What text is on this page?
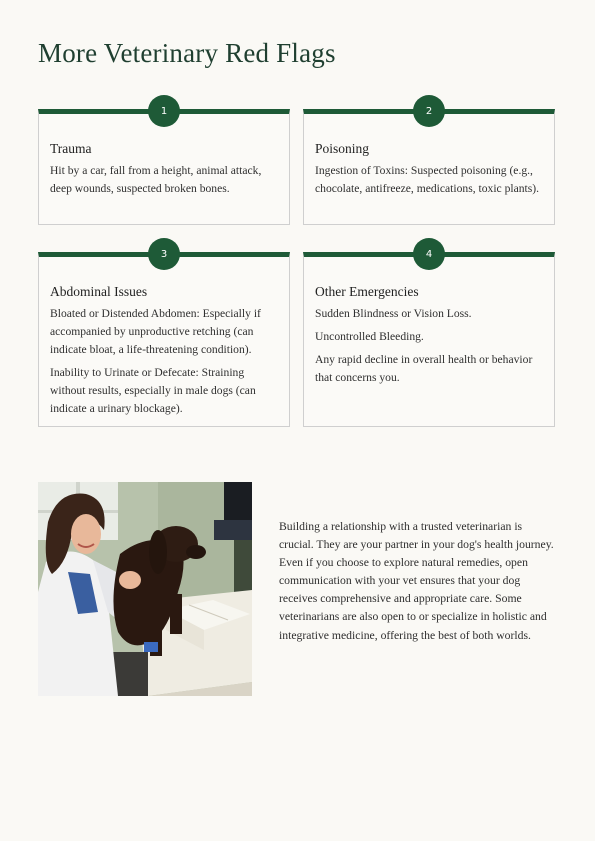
More Veterinary Red Flags
1
Trauma

Hit by a car, fall from a height, animal attack, deep wounds, suspected broken bones.

2
Poisoning

Ingestion of Toxins: Suspected poisoning (e.g., chocolate, antifreeze, medications, toxic plants).

3
Abdominal Issues

Bloated or Distended Abdomen: Especially if accompanied by unproductive retching (can indicate bloat, a life-threatening condition).

Inability to Urinate or Defecate: Straining without results, especially in male dogs (can indicate a urinary blockage).

4
Other Emergencies

Sudden Blindness or Vision Loss.

Uncontrolled Bleeding.

Any rapid decline in overall health or behavior that concerns you.

Building a relationship with a trusted veterinarian is crucial. They are your partner in your dog's health journey. Even if you choose to explore natural remedies, open communication with your vet ensures that your dog receives comprehensive and appropriate care. Some veterinarians are also open to or specialize in holistic and integrative medicine, offering the best of both worlds.
